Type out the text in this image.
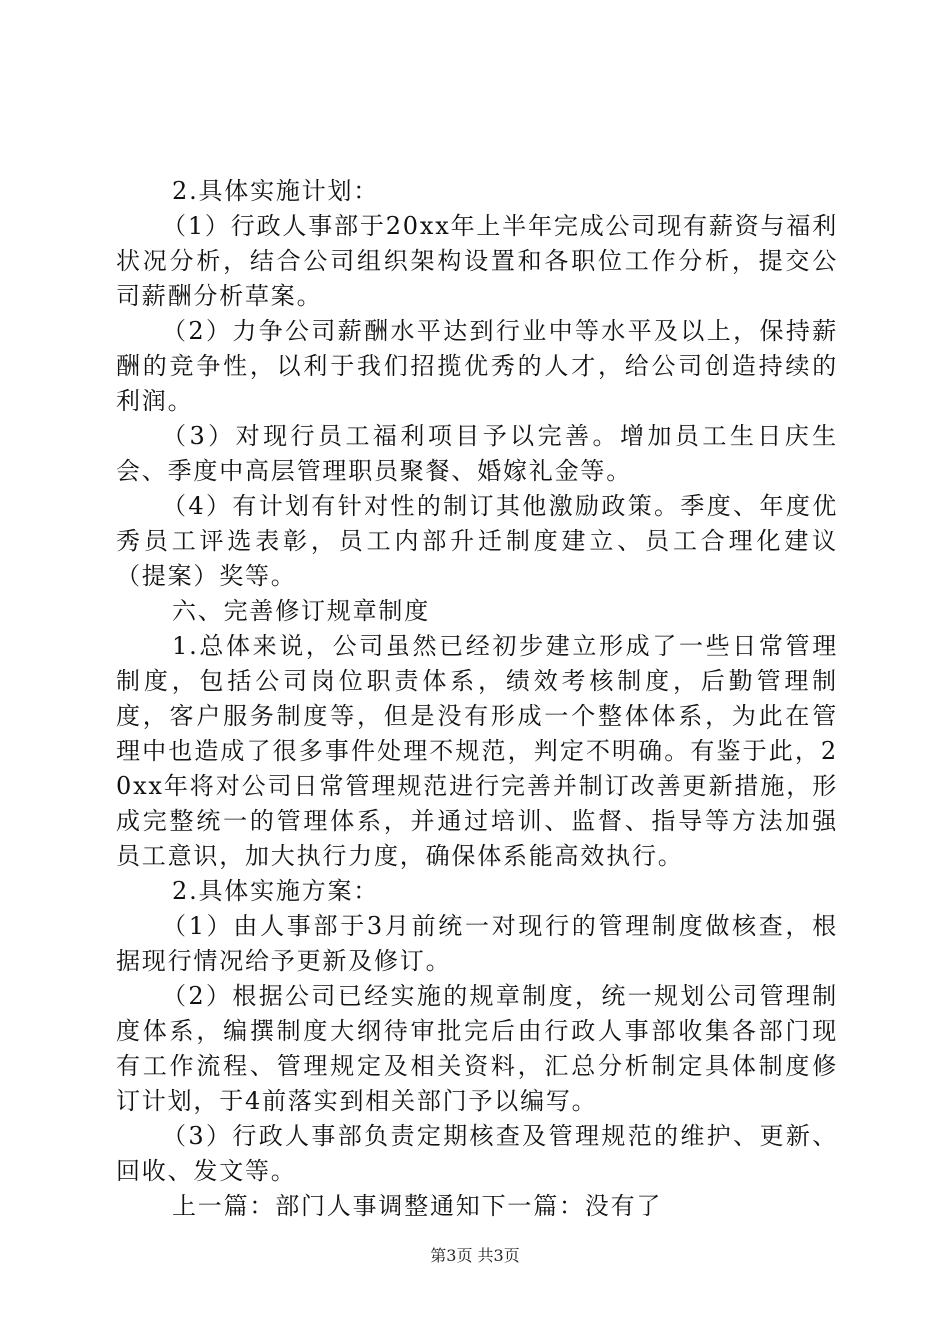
2.具体实施计划：

（1）行政人事部于20xx年上半年完成公司现有薪资与福利状况分析，结合公司组织架构设置和各职位工作分析，提交公司薪酬分析草案。

（2）力争公司薪酬水平达到行业中等水平及以上，保持薪酬的竞争性，以利于我们招揽优秀的人才，给公司创造持续的利润。

（3）对现行员工福利项目予以完善。增加员工生日庆生会、季度中高层管理职员聚餐、婚嫁礼金等。

（4）有计划有针对性的制订其他激励政策。季度、年度优秀员工评选表彰，员工内部升迁制度建立、员工合理化建议（提案）奖等。

六、完善修订规章制度

1.总体来说，公司虽然已经初步建立形成了一些日常管理制度，包括公司岗位职责体系，绩效考核制度，后勤管理制度，客户服务制度等，但是没有形成一个整体体系，为此在管理中也造成了很多事件处理不规范，判定不明确。有鉴于此，20xx年将对公司日常管理规范进行完善并制订改善更新措施，形成完整统一的管理体系，并通过培训、监督、指导等方法加强员工意识，加大执行力度，确保体系能高效执行。

2.具体实施方案：

（1）由人事部于3月前统一对现行的管理制度做核查，根据现行情况给予更新及修订。

（2）根据公司已经实施的规章制度，统一规划公司管理制度体系，编撰制度大纲待审批完后由行政人事部收集各部门现有工作流程、管理规定及相关资料，汇总分析制定具体制度修订计划，于4前落实到相关部门予以编写。

（3）行政人事部负责定期核查及管理规范的维护、更新、回收、发文等。

上一篇：部门人事调整通知下一篇：没有了

第3页 共3页
